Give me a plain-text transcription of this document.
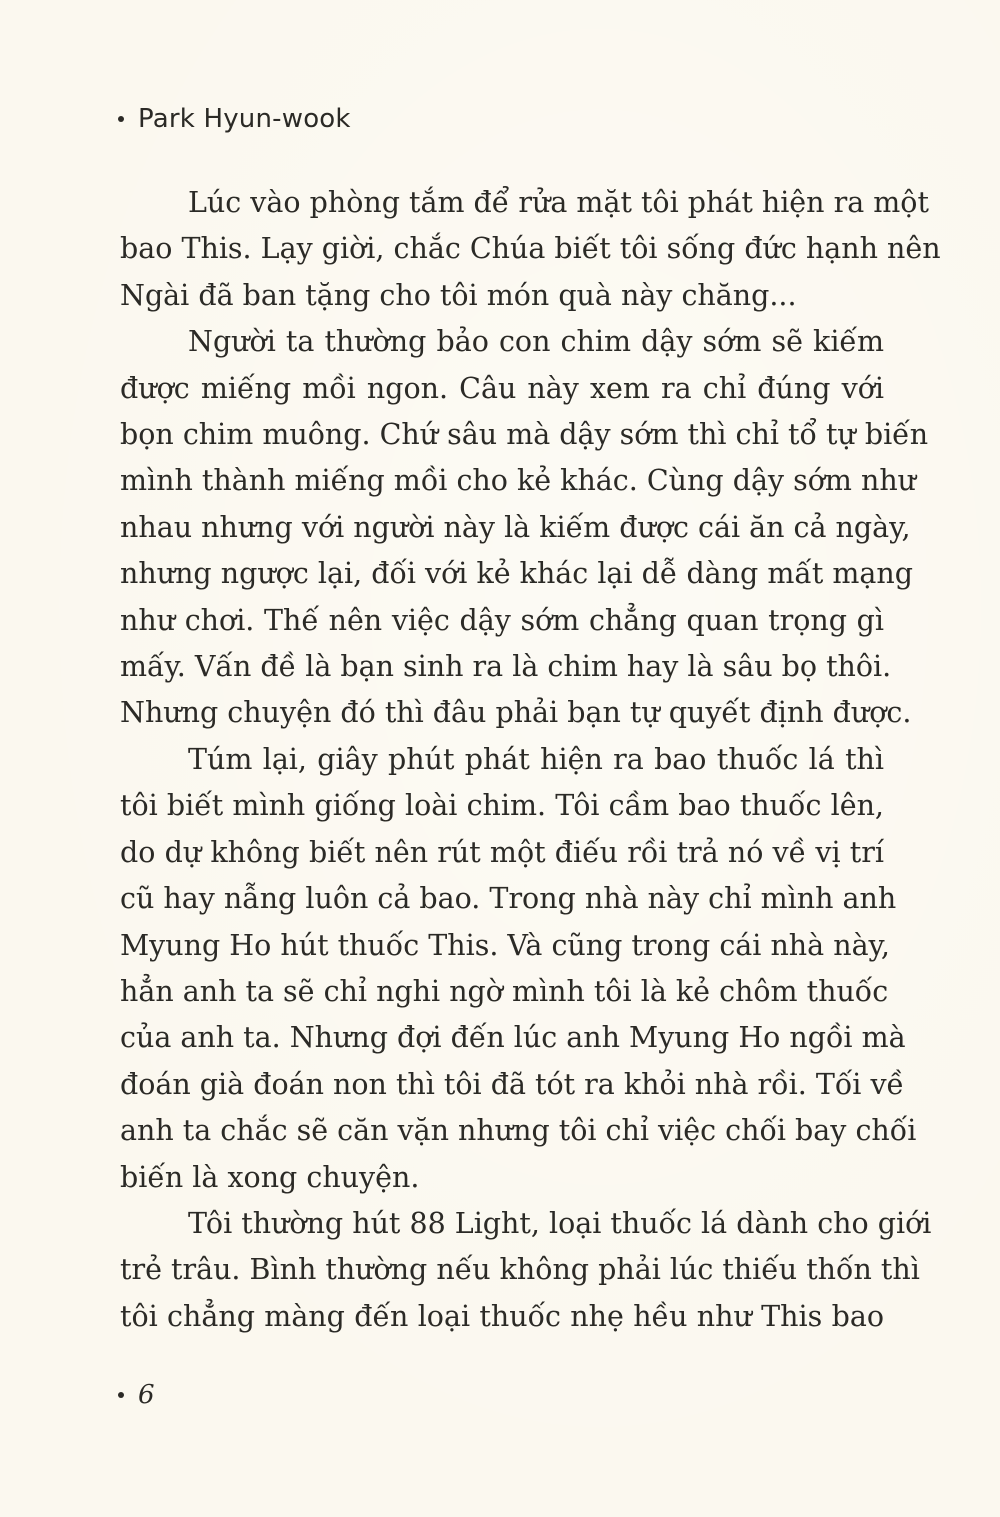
Park Hyun-wook

Lúc vào phòng tắm để rửa mặt tôi phát hiện ra một
bao This. Lạy giời, chắc Chúa biết tôi sống đức hạnh nên
Ngài đã ban tặng cho tôi món quà này chăng...

Người ta thường bảo con chim dậy sớm sẽ kiếm
được miếng mồi ngon. Câu này xem ra chỉ đúng với
bọn chim muông. Chứ sâu mà dậy sớm thì chỉ tổ tự biến
mình thành miếng mồi cho kẻ khác. Cùng dậy sớm như
nhau nhưng với người này là kiếm được cái ăn cả ngày,
nhưng ngược lại, đối với kẻ khác lại dễ dàng mất mạng
như chơi. Thế nên việc dậy sớm chẳng quan trọng gì
mấy. Vấn đề là bạn sinh ra là chim hay là sâu bọ thôi.
Nhưng chuyện đó thì đâu phải bạn tự quyết định được.

Túm lại, giây phút phát hiện ra bao thuốc lá thì
tôi biết mình giống loài chim. Tôi cầm bao thuốc lên,
do dự không biết nên rút một điếu rồi trả nó về vị trí
cũ hay nẫng luôn cả bao. Trong nhà này chỉ mình anh
Myung Ho hút thuốc This. Và cũng trong cái nhà này,
hẳn anh ta sẽ chỉ nghi ngờ mình tôi là kẻ chôm thuốc
của anh ta. Nhưng đợi đến lúc anh Myung Ho ngồi mà
đoán già đoán non thì tôi đã tót ra khỏi nhà rồi. Tối về
anh ta chắc sẽ căn vặn nhưng tôi chỉ việc chối bay chối
biến là xong chuyện.

Tôi thường hút 88 Light, loại thuốc lá dành cho giới
trẻ trâu. Bình thường nếu không phải lúc thiếu thốn thì
tôi chẳng màng đến loại thuốc nhẹ hều như This bao

6
